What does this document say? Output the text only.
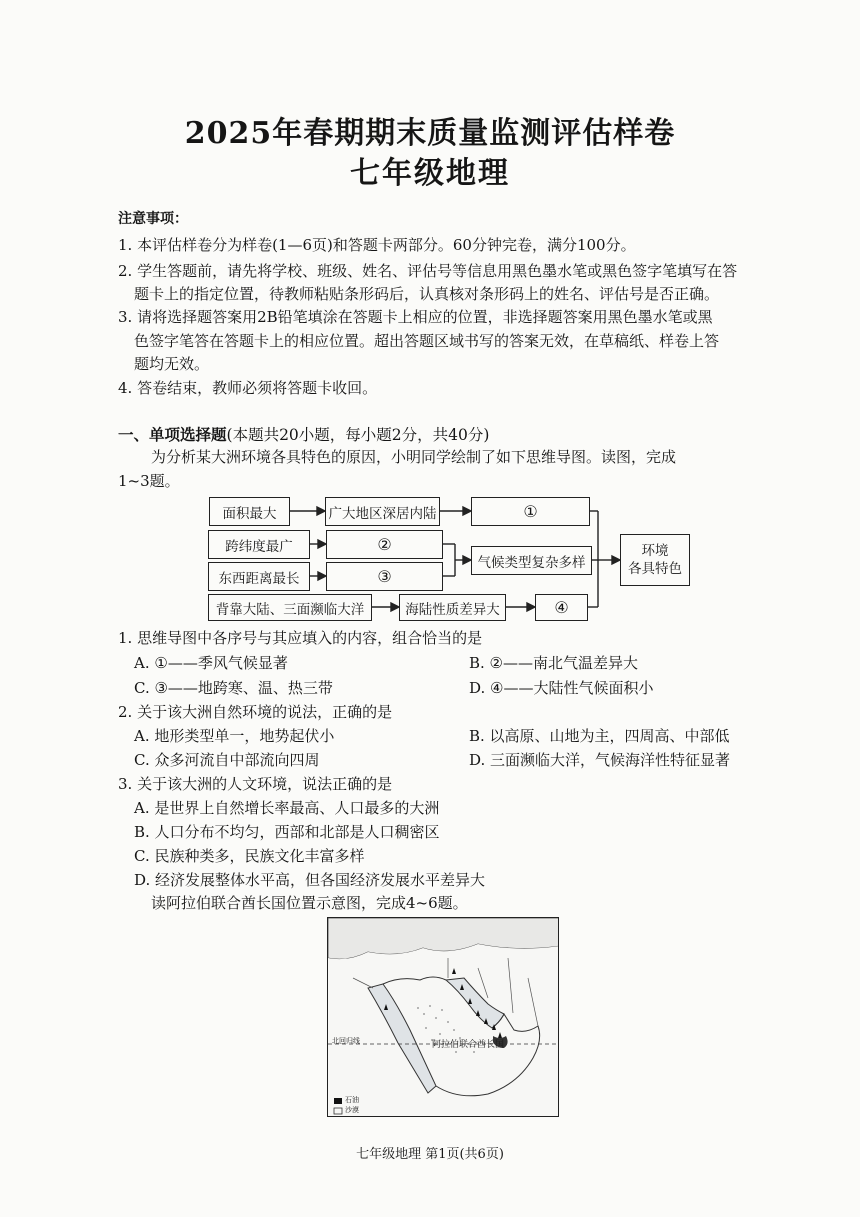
2025年春期期末质量监测评估样卷
七年级地理
注意事项：
1. 本评估样卷分为样卷(1—6页)和答题卡两部分。60分钟完卷，满分100分。
2. 学生答题前，请先将学校、班级、姓名、评估号等信息用黑色墨水笔或黑色签字笔填写在答
题卡上的指定位置，待教师粘贴条形码后，认真核对条形码上的姓名、评估号是否正确。
3. 请将选择题答案用2B铅笔填涂在答题卡上相应的位置，非选择题答案用黑色墨水笔或黑
色签字笔答在答题卡上的相应位置。超出答题区域书写的答案无效，在草稿纸、样卷上答
题均无效。
4. 答卷结束，教师必须将答题卡收回。
一、单项选择题(本题共20小题，每小题2分，共40分)
为分析某大洲环境各具特色的原因，小明同学绘制了如下思维导图。读图，完成
1~3题。
面积最大	广大地区深居内陆	①
跨纬度最广	②
东西距离最长	③
气候类型复杂多样
环境
各具特色
背靠大陆、三面濒临大洋	海陆性质差异大	④
1. 思维导图中各序号与其应填入的内容，组合恰当的是
A. ①——季风气候显著	B. ②——南北气温差异大
C. ③——地跨寒、温、热三带	D. ④——大陆性气候面积小
2. 关于该大洲自然环境的说法，正确的是
A. 地形类型单一，地势起伏小	B. 以高原、山地为主，四周高、中部低
C. 众多河流自中部流向四周	D. 三面濒临大洋，气候海洋性特征显著
3. 关于该大洲的人文环境，说法正确的是
A. 是世界上自然增长率最高、人口最多的大洲
B. 人口分布不均匀，西部和北部是人口稠密区
C. 民族种类多，民族文化丰富多样
D. 经济发展整体水平高，但各国经济发展水平差异大
读阿拉伯联合酋长国位置示意图，完成4~6题。
阿拉伯联合酋长国
北回归线
石油
沙漠
七年级地理 第1页(共6页)
